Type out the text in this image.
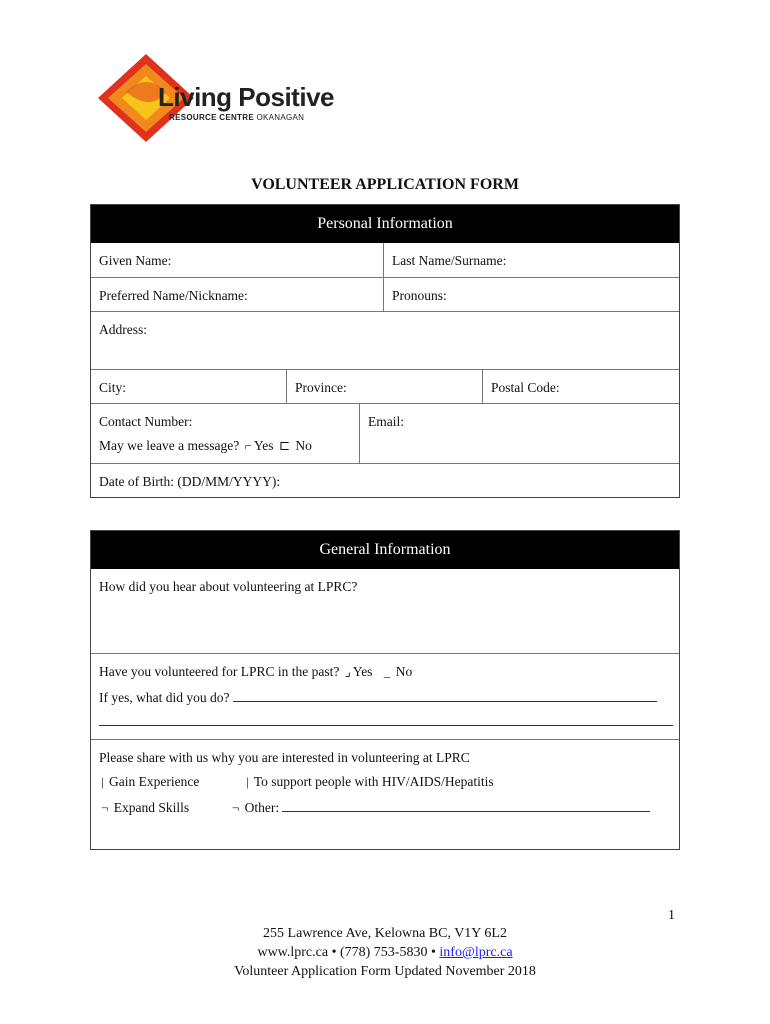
Living Positive
RESOURCE CENTRE OKANAGAN
VOLUNTEER APPLICATION FORM
Personal Information
Given Name:	Last Name/Surname:
Preferred Name/Nickname:	Pronouns:
Address:
City:	Province:	Postal Code:
Contact Number:
May we leave a message? ⌐ Yes ⊏ No
Email:
Date of Birth: (DD/MM/YYYY):
General Information
How did you hear about volunteering at LPRC?
Have you volunteered for LPRC in the past? ⌟ Yes _ No
If yes, what did you do?
Please share with us why you are interested in volunteering at LPRC
| Gain Experience	| To support people with HIV/AIDS/Hepatitis
¬ Expand Skills	¬ Other:
1
255 Lawrence Ave, Kelowna BC, V1Y 6L2
www.lprc.ca • (778) 753-5830 • info@lprc.ca
Volunteer Application Form Updated November 2018
